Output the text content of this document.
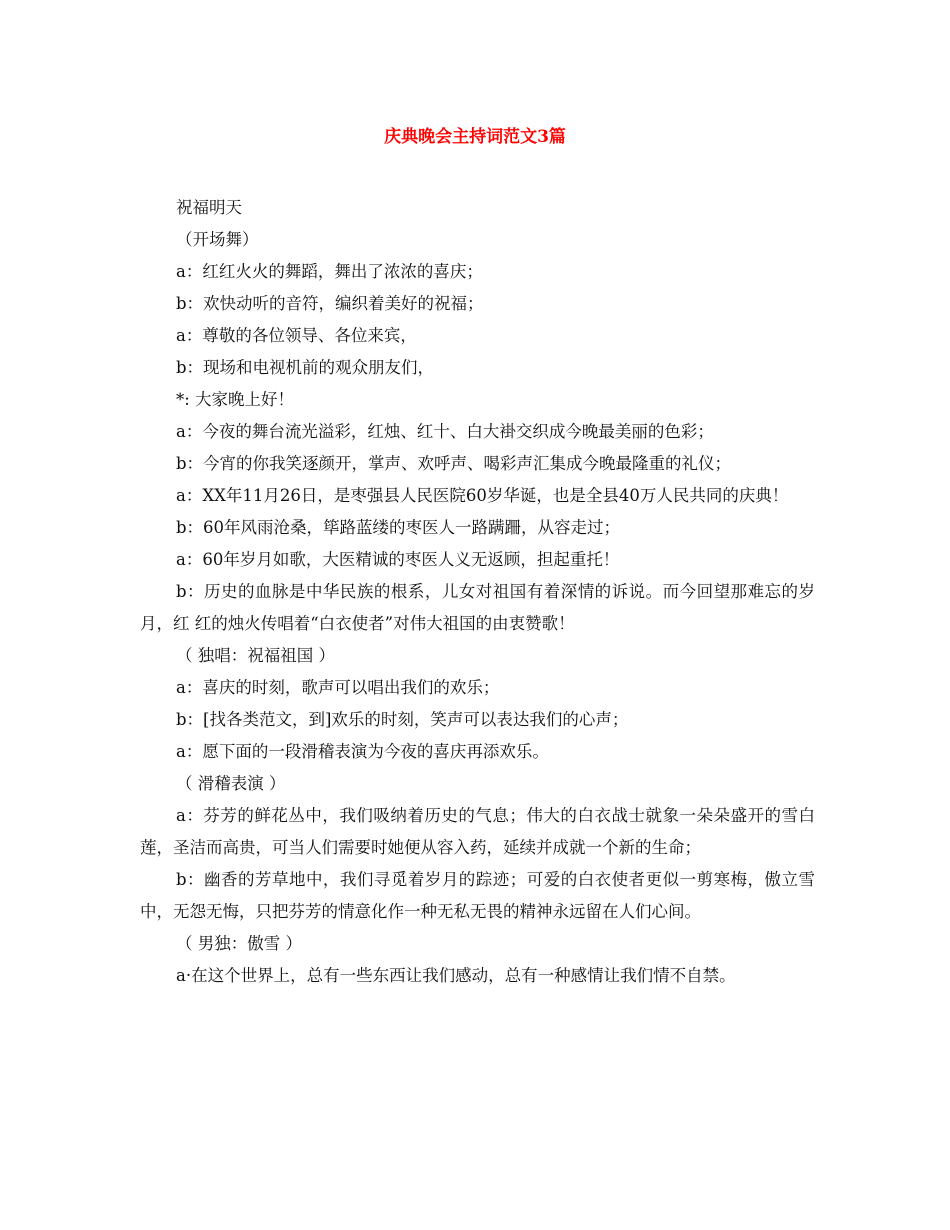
庆典晚会主持词范文3篇

祝福明天

（开场舞）

a：红红火火的舞蹈，舞出了浓浓的喜庆；

b：欢快动听的音符，编织着美好的祝福；

a：尊敬的各位领导、各位来宾，

b：现场和电视机前的观众朋友们，

*: 大家晚上好！

a：今夜的舞台流光溢彩，红烛、红十、白大褂交织成今晚最美丽的色彩；

b：今宵的你我笑逐颜开，掌声、欢呼声、喝彩声汇集成今晚最隆重的礼仪；

a：XX年11月26日，是枣强县人民医院60岁华诞，也是全县40万人民共同的庆典！

b：60年风雨沧桑，筚路蓝缕的枣医人一路蹒跚，从容走过；

a：60年岁月如歌，大医精诚的枣医人义无返顾，担起重托！

b：历史的血脉是中华民族的根系，儿女对祖国有着深情的诉说。而今回望那难忘的岁月，红 红的烛火传唱着“白衣使者”对伟大祖国的由衷赞歌！

（ 独唱：祝福祖国 ）

a：喜庆的时刻，歌声可以唱出我们的欢乐；

b：[找各类范文，到]欢乐的时刻，笑声可以表达我们的心声；

a：愿下面的一段滑稽表演为今夜的喜庆再添欢乐。

（ 滑稽表演 ）

a：芬芳的鲜花丛中，我们吸纳着历史的气息；伟大的白衣战士就象一朵朵盛开的雪白莲，圣洁而高贵，可当人们需要时她便从容入药，延续并成就一个新的生命；

b：幽香的芳草地中，我们寻觅着岁月的踪迹；可爱的白衣使者更似一剪寒梅，傲立雪中，无怨无悔，只把芬芳的情意化作一种无私无畏的精神永远留在人们心间。

（ 男独：傲雪 ）

a·在这个世界上，总有一些东西让我们感动，总有一种感情让我们情不自禁。
